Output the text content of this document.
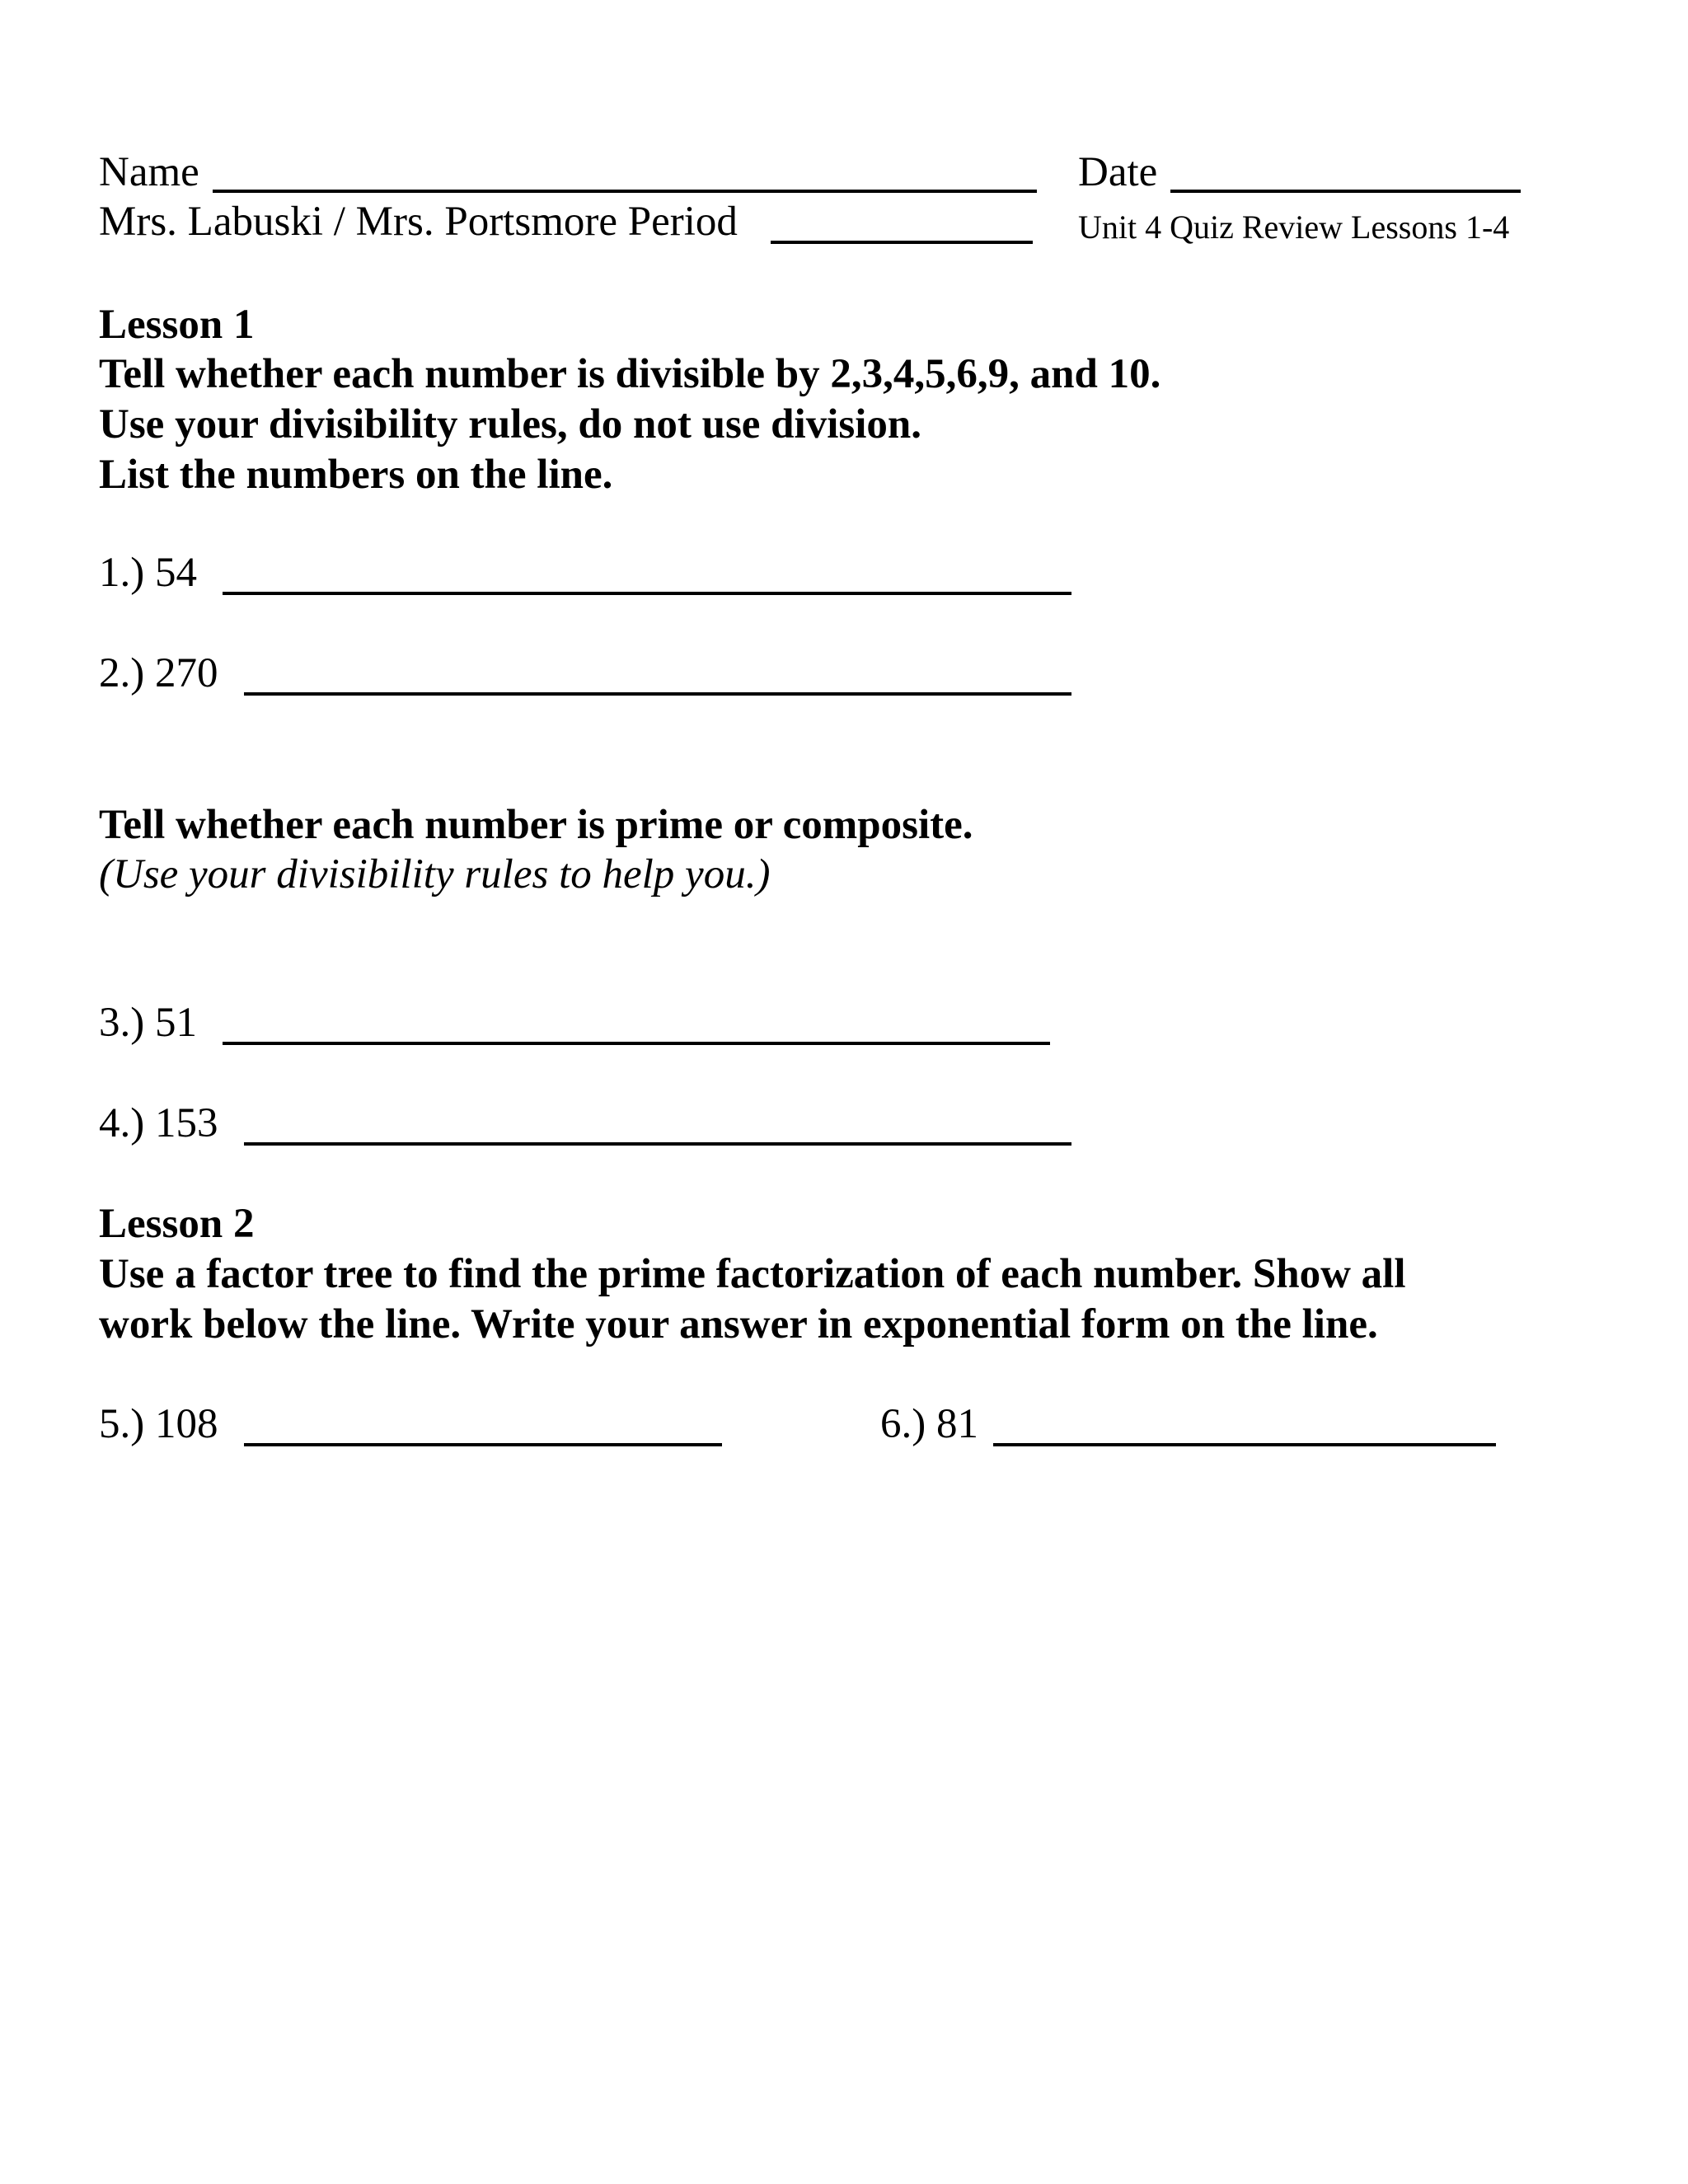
Name	Date
Mrs. Labuski / Mrs. Portsmore Period	Unit 4 Quiz Review Lessons 1-4
Lesson 1
Tell whether each number is divisible by 2,3,4,5,6,9, and 10.
Use your divisibility rules, do not use division.
List the numbers on the line.
1.) 54
2.) 270
Tell whether each number is prime or composite.
(Use your divisibility rules to help you.)
3.) 51
4.) 153
Lesson 2
Use a factor tree to find the prime factorization of each number. Show all
work below the line. Write your answer in exponential form on the line.
5.) 108	6.) 81
